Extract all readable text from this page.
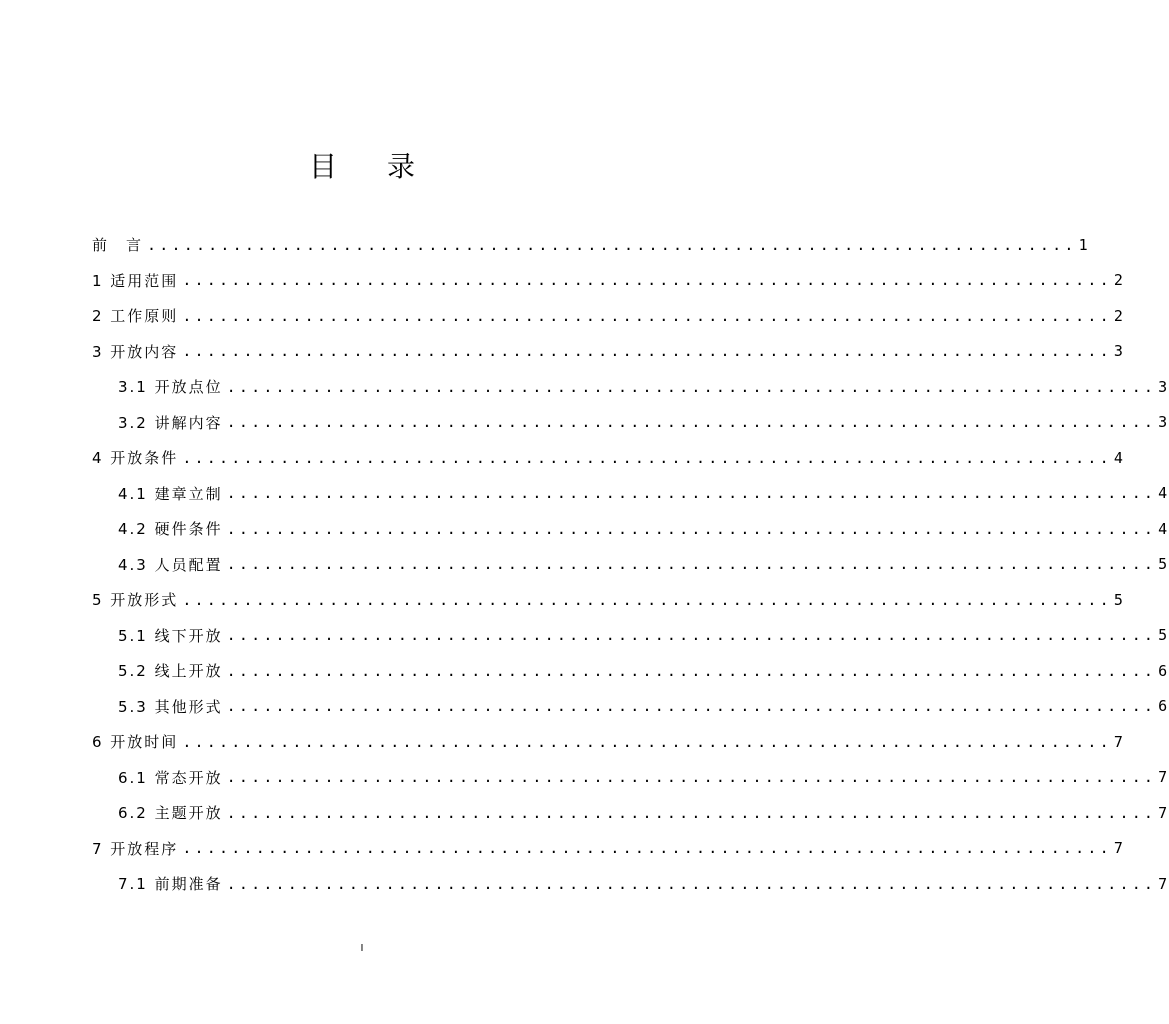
目 录
前　言 ............................................................................ 1
1 适用范围 ............................................................................ 2
2 工作原则 ............................................................................ 2
3 开放内容 ............................................................................ 3
3.1 开放点位 ............................................................................ 3
3.2 讲解内容 ............................................................................ 3
4 开放条件 ............................................................................ 4
4.1 建章立制 ............................................................................ 4
4.2 硬件条件 ............................................................................ 4
4.3 人员配置 ............................................................................ 5
5 开放形式 ............................................................................ 5
5.1 线下开放 ............................................................................ 5
5.2 线上开放 ............................................................................ 6
5.3 其他形式 ............................................................................ 6
6 开放时间 ............................................................................ 7
6.1 常态开放 ............................................................................ 7
6.2 主题开放 ............................................................................ 7
7 开放程序 ............................................................................ 7
7.1 前期准备 ............................................................................ 7
I
